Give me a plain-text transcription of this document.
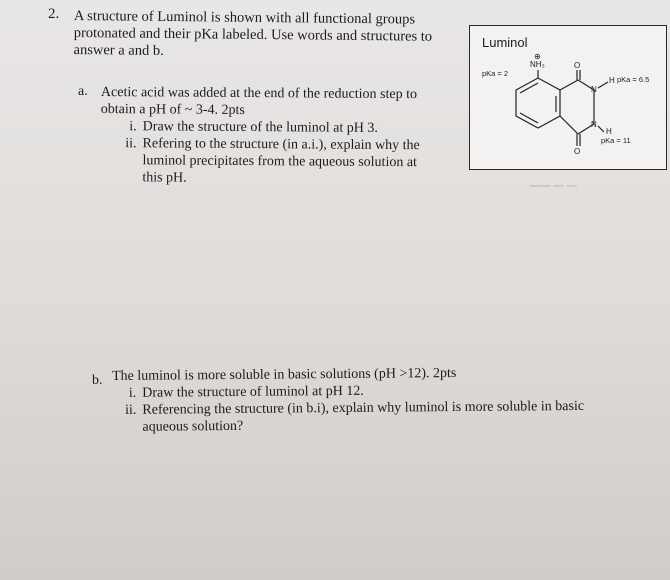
▔▔ ▔ ▔
2. A structure of Luminol is shown with all functional groups
protonated and their pKa labeled. Use words and structures to
answer a and b.	Luminol
⊕
NH₃
pKa = 2
O
H pKa = 6.5
N
N
H
pKa = 11
O
a. Acetic acid was added at the end of the reduction step to
obtain a pH of ~ 3-4. 2pts
i. Draw the structure of the luminol at pH 3.
ii. Refering to the structure (in a.i.), explain why the
luminol precipitates from the aqueous solution at
this pH.
b. The luminol is more soluble in basic solutions (pH >12). 2pts
i. Draw the structure of luminol at pH 12.
ii. Referencing the structure (in b.i), explain why luminol is more soluble in basic
aqueous solution?
